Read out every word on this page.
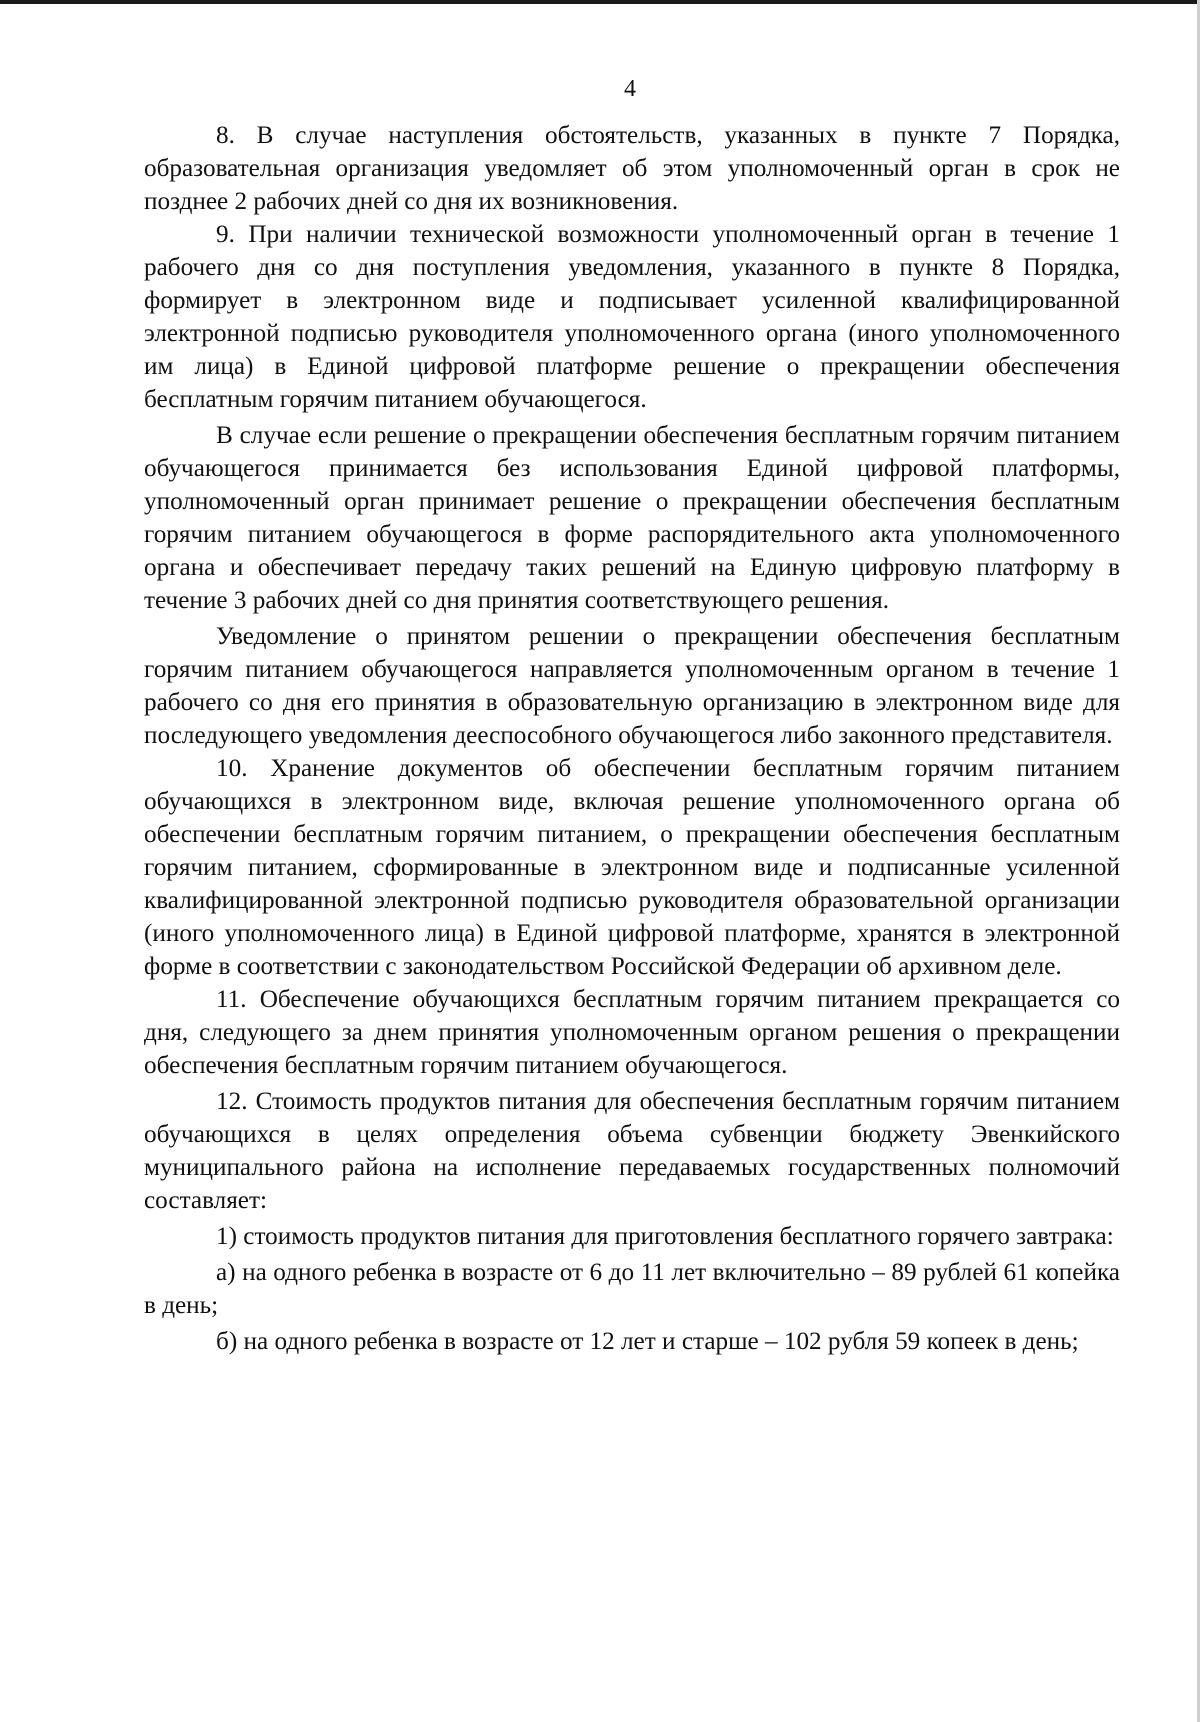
4

8. В случае наступления обстоятельств, указанных в пункте 7 Порядка, образовательная организация уведомляет об этом уполномоченный орган в срок не позднее 2 рабочих дней со дня их возникновения.

9. При наличии технической возможности уполномоченный орган в течение 1 рабочего дня со дня поступления уведомления, указанного в пункте 8 Порядка, формирует в электронном виде и подписывает усиленной квалифицированной электронной подписью руководителя уполномоченного органа (иного уполномоченного им лица) в Единой цифровой платформе решение о прекращении обеспечения бесплатным горячим питанием обучающегося.

В случае если решение о прекращении обеспечения бесплатным горячим питанием обучающегося принимается без использования Единой цифровой платформы, уполномоченный орган принимает решение о прекращении обеспечения бесплатным горячим питанием обучающегося в форме распорядительного акта уполномоченного органа и обеспечивает передачу таких решений на Единую цифровую платформу в течение 3 рабочих дней со дня принятия соответствующего решения.

Уведомление о принятом решении о прекращении обеспечения бесплатным горячим питанием обучающегося направляется уполномоченным органом в течение 1 рабочего со дня его принятия в образовательную организацию в электронном виде для последующего уведомления дееспособного обучающегося либо законного представителя.

10. Хранение документов об обеспечении бесплатным горячим питанием обучающихся в электронном виде, включая решение уполномоченного органа об обеспечении бесплатным горячим питанием, о прекращении обеспечения бесплатным горячим питанием, сформированные в электронном виде и подписанные усиленной квалифицированной электронной подписью руководителя образовательной организации (иного уполномоченного лица) в Единой цифровой платформе, хранятся в электронной форме в соответствии с законодательством Российской Федерации об архивном деле.

11. Обеспечение обучающихся бесплатным горячим питанием прекращается со дня, следующего за днем принятия уполномоченным органом решения о прекращении обеспечения бесплатным горячим питанием обучающегося.

12. Стоимость продуктов питания для обеспечения бесплатным горячим питанием обучающихся в целях определения объема субвенции бюджету Эвенкийского муниципального района на исполнение передаваемых государственных полномочий составляет:

1) стоимость продуктов питания для приготовления бесплатного горячего завтрака:

а) на одного ребенка в возрасте от 6 до 11 лет включительно – 89 рублей 61 копейка в день;

б) на одного ребенка в возрасте от 12 лет и старше – 102 рубля 59 копеек в день;
